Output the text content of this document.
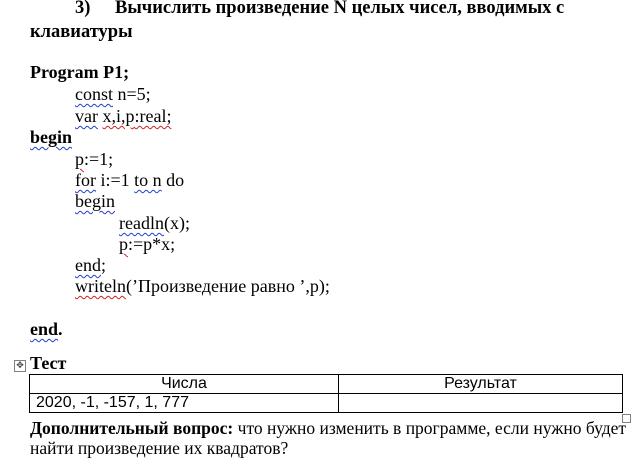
3) Вычислить произведение N целых чисел, вводимых с
клавиатуры
Program P1;
const n=5;
var x,i,p:real;
begin
p:=1;
for i:=1 to n do
begin
readln(x);
p:=p*x;
end;
writeln(’Произведение равно ’,p);
end.
✥ Тест
Числа	Результат
2020, -1, -157, 1, 777	
Дополнительный вопрос: что нужно изменить в программе, если нужно будет найти произведение их квадратов?
